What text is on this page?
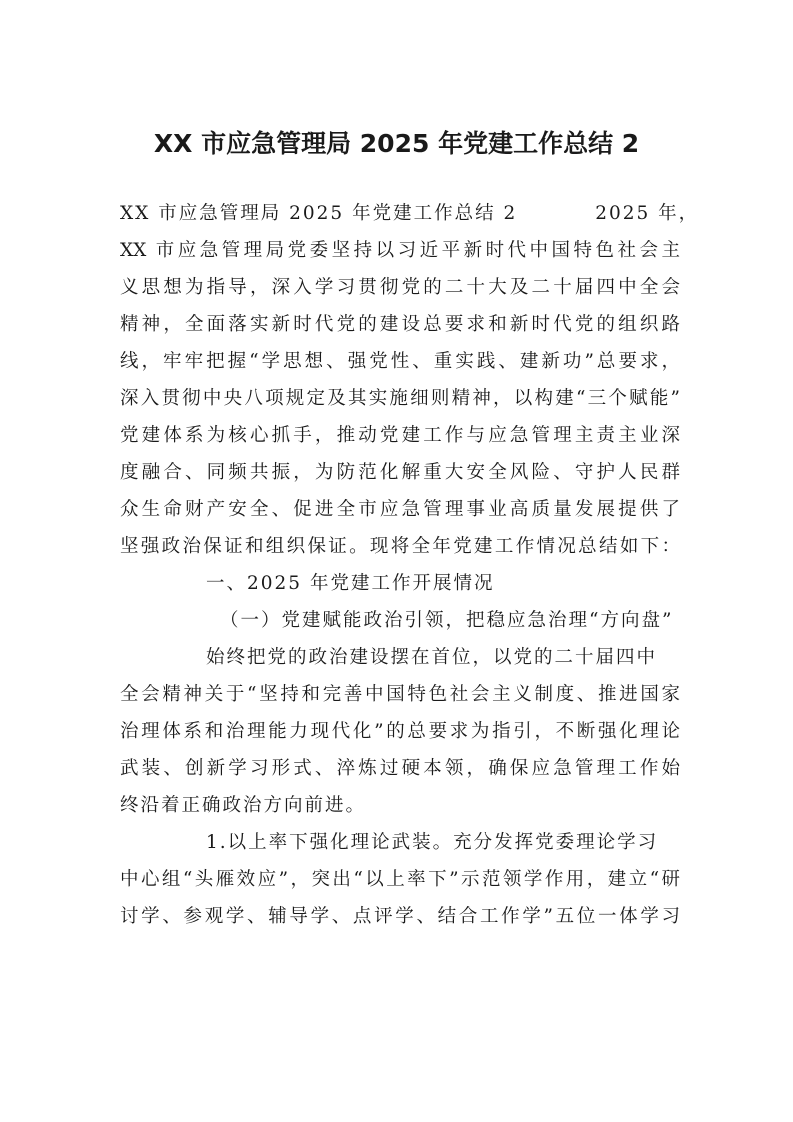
XX 市应急管理局 2025 年党建工作总结 2
XX 市应急管理局 2025 年党建工作总结 2	2025 年，
XX 市应急管理局党委坚持以习近平新时代中国特色社会主
义思想为指导，深入学习贯彻党的二十大及二十届四中全会
精神，全面落实新时代党的建设总要求和新时代党的组织路
线，牢牢把握“学思想、强党性、重实践、建新功”总要求，
深入贯彻中央八项规定及其实施细则精神，以构建“三个赋能”
党建体系为核心抓手，推动党建工作与应急管理主责主业深
度融合、同频共振，为防范化解重大安全风险、守护人民群
众生命财产安全、促进全市应急管理事业高质量发展提供了
坚强政治保证和组织保证。现将全年党建工作情况总结如下：
一、2025 年党建工作开展情况
（一）党建赋能政治引领，把稳应急治理“方向盘”
始终把党的政治建设摆在首位，以党的二十届四中
全会精神关于“坚持和完善中国特色社会主义制度、推进国家
治理体系和治理能力现代化”的总要求为指引，不断强化理论
武装、创新学习形式、淬炼过硬本领，确保应急管理工作始
终沿着正确政治方向前进。
1.以上率下强化理论武装。充分发挥党委理论学习
中心组“头雁效应”，突出“以上率下”示范领学作用，建立“研
讨学、参观学、辅导学、点评学、结合工作学”五位一体学习
